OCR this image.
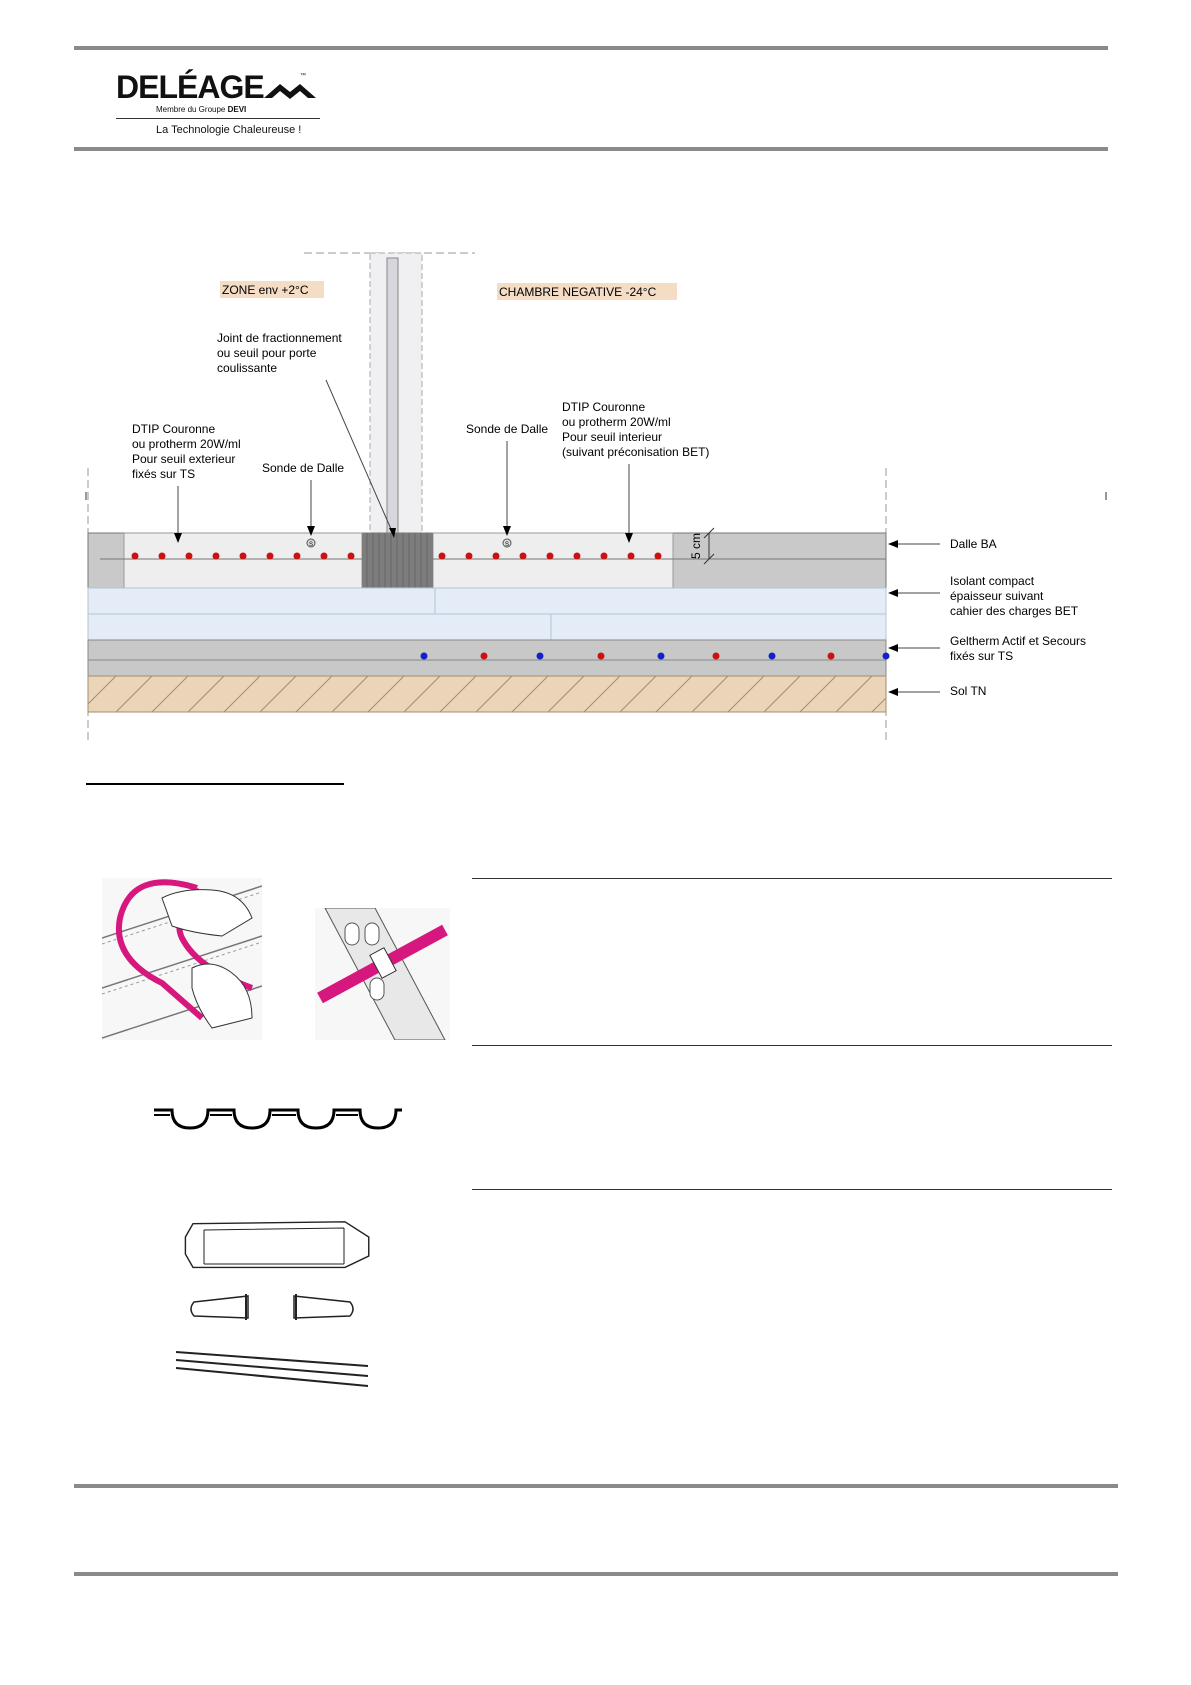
DELÉAGE	™
Membre du Groupe DEVI
La Technologie Chaleureuse !
5 cm
S	S
ZONE env +2°C	CHAMBRE NEGATIVE -24°C
Joint de fractionnement
ou seuil pour porte
coulissante
DTIP Couronne
ou protherm 20W/ml
Pour seuil exterieur
fixés sur TS	Sonde de Dalle
Sonde de Dalle
DTIP Couronne
ou protherm 20W/ml
Pour seuil interieur
(suivant préconisation BET)
Dalle BA
Isolant compact
épaisseur suivant
cahier des charges BET
Geltherm Actif et Secours
fixés sur TS
Sol TN
